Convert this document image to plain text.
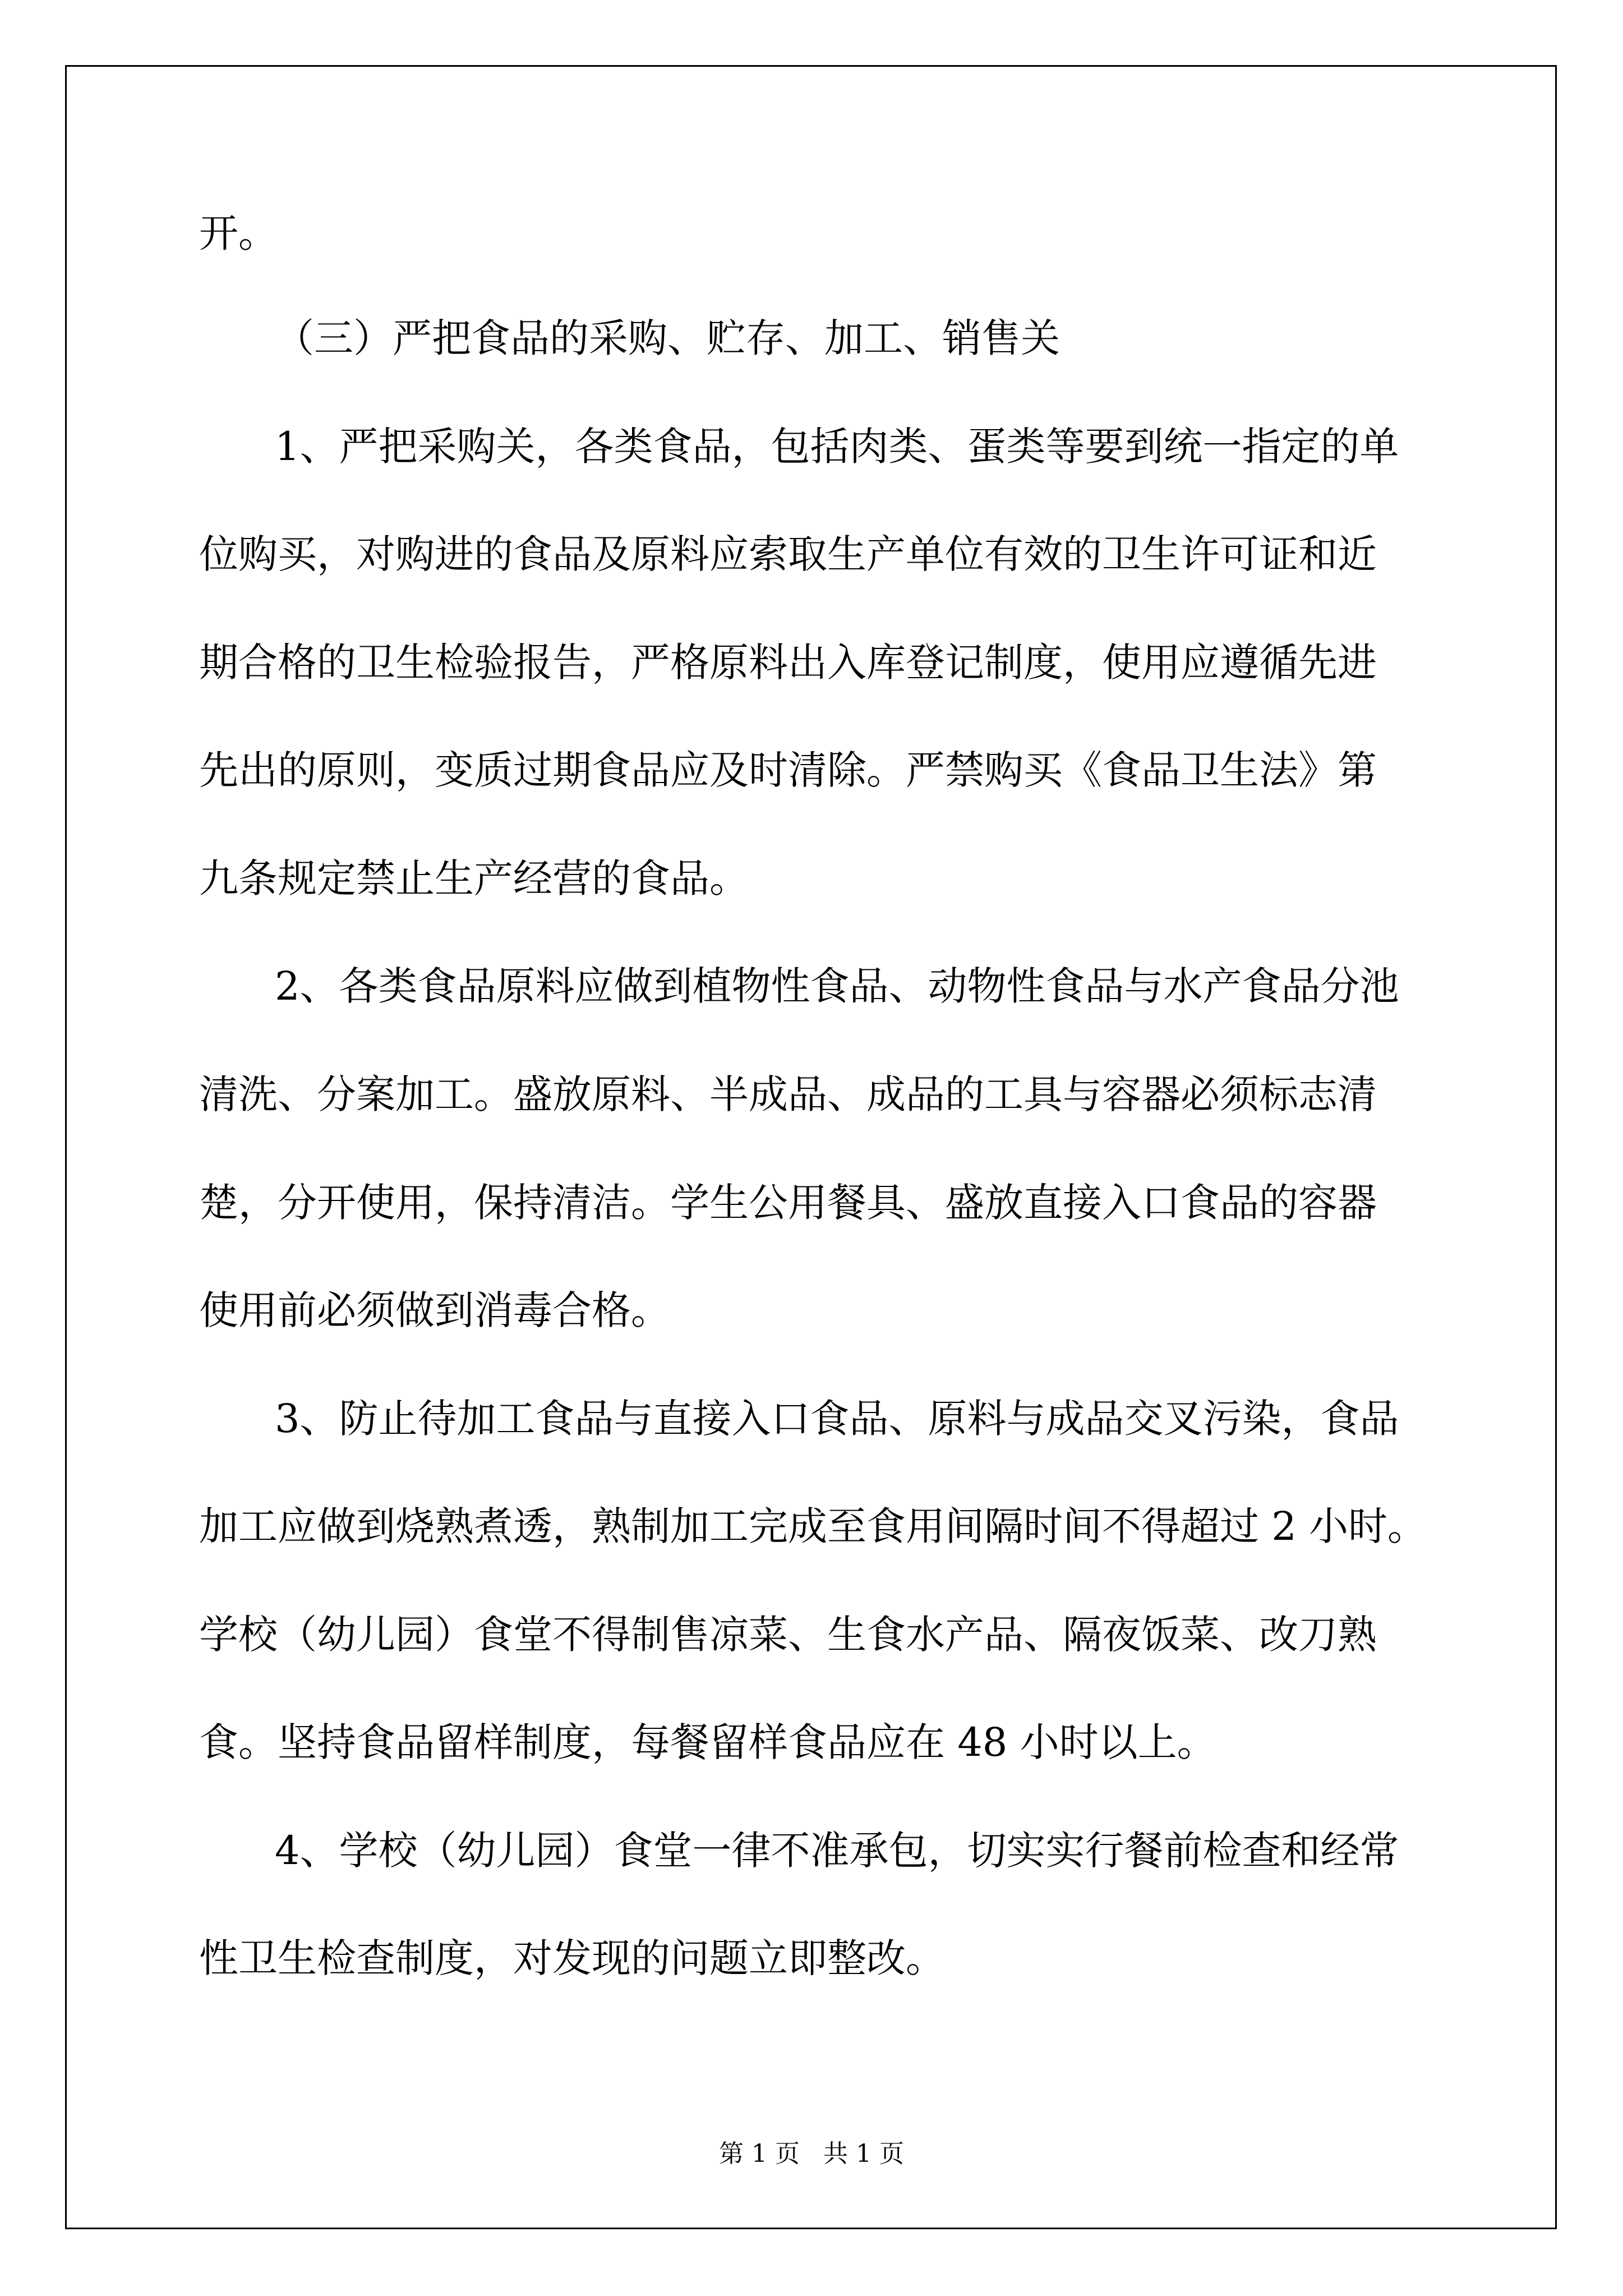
开。
（三）严把食品的采购、贮存、加工、销售关
1、严把采购关，各类食品，包括肉类、蛋类等要到统一指定的单
位购买，对购进的食品及原料应索取生产单位有效的卫生许可证和近
期合格的卫生检验报告，严格原料出入库登记制度，使用应遵循先进
先出的原则，变质过期食品应及时清除。严禁购买《食品卫生法》第
九条规定禁止生产经营的食品。
2、各类食品原料应做到植物性食品、动物性食品与水产食品分池
清洗、分案加工。盛放原料、半成品、成品的工具与容器必须标志清
楚，分开使用，保持清洁。学生公用餐具、盛放直接入口食品的容器
使用前必须做到消毒合格。
3、防止待加工食品与直接入口食品、原料与成品交叉污染，食品
加工应做到烧熟煮透，熟制加工完成至食用间隔时间不得超过 2 小时。
学校（幼儿园）食堂不得制售凉菜、生食水产品、隔夜饭菜、改刀熟
食。坚持食品留样制度，每餐留样食品应在 48 小时以上。
4、学校（幼儿园）食堂一律不准承包，切实实行餐前检查和经常
性卫生检查制度，对发现的问题立即整改。
第 1 页   共 1 页
